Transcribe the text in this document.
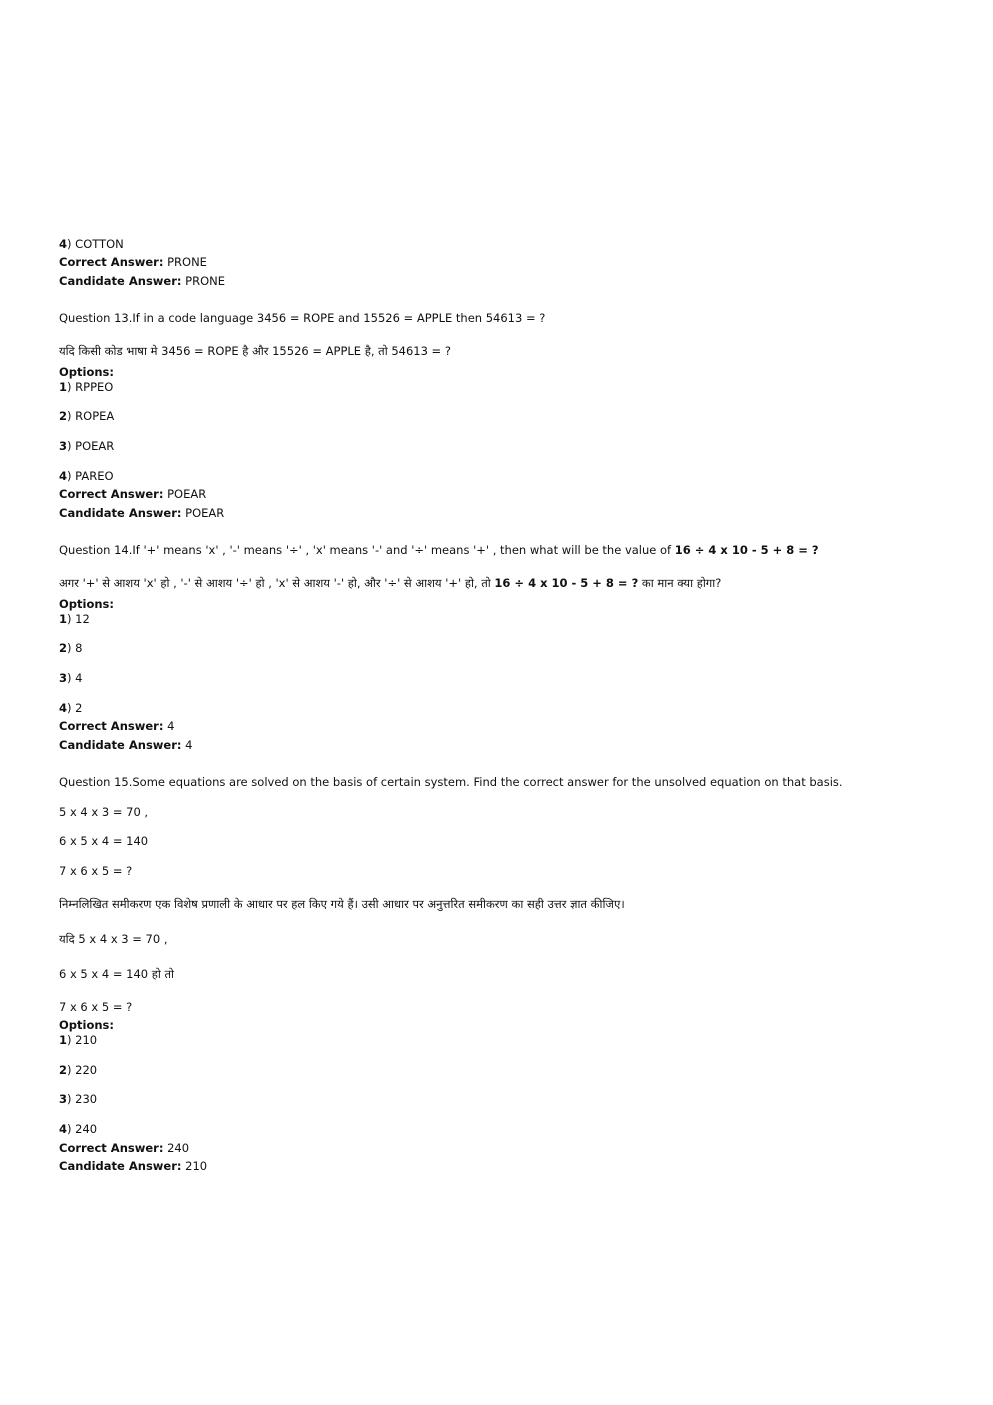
4) COTTON
Correct Answer: PRONE
Candidate Answer: PRONE
Question 13.If in a code language 3456 = ROPE and 15526 = APPLE then 54613 = ?
यदि किसी कोड भाषा मे 3456 = ROPE है और 15526 = APPLE है, तो 54613 = ?
Options:
1) RPPEO
2) ROPEA
3) POEAR
4) PAREO
Correct Answer: POEAR
Candidate Answer: POEAR
Question 14.If '+' means 'x' , '-' means '÷' , 'x' means '-' and '÷' means '+' , then what will be the value of 16 ÷ 4 x 10 - 5 + 8 = ?
अगर '+' से आशय 'x' हो , '-' से आशय '÷' हो , 'x' से आशय '-' हो, और '÷' से आशय '+' हो, तो 16 ÷ 4 x 10 - 5 + 8 = ? का मान क्या होगा?
Options:
1) 12
2) 8
3) 4
4) 2
Correct Answer: 4
Candidate Answer: 4
Question 15.Some equations are solved on the basis of certain system. Find the correct answer for the unsolved equation on that basis.
5 x 4 x 3 = 70 ,
6 x 5 x 4 = 140
7 x 6 x 5 = ?
निम्नलिखित समीकरण एक विशेष प्रणाली के आधार पर हल किए गये हैं। उसी आधार पर अनुत्तरित समीकरण का सही उत्तर ज्ञात कीजिए।
यदि 5 x 4 x 3 = 70 ,
6 x 5 x 4 = 140 हो तो
7 x 6 x 5 = ?
Options:
1) 210
2) 220
3) 230
4) 240
Correct Answer: 240
Candidate Answer: 210
